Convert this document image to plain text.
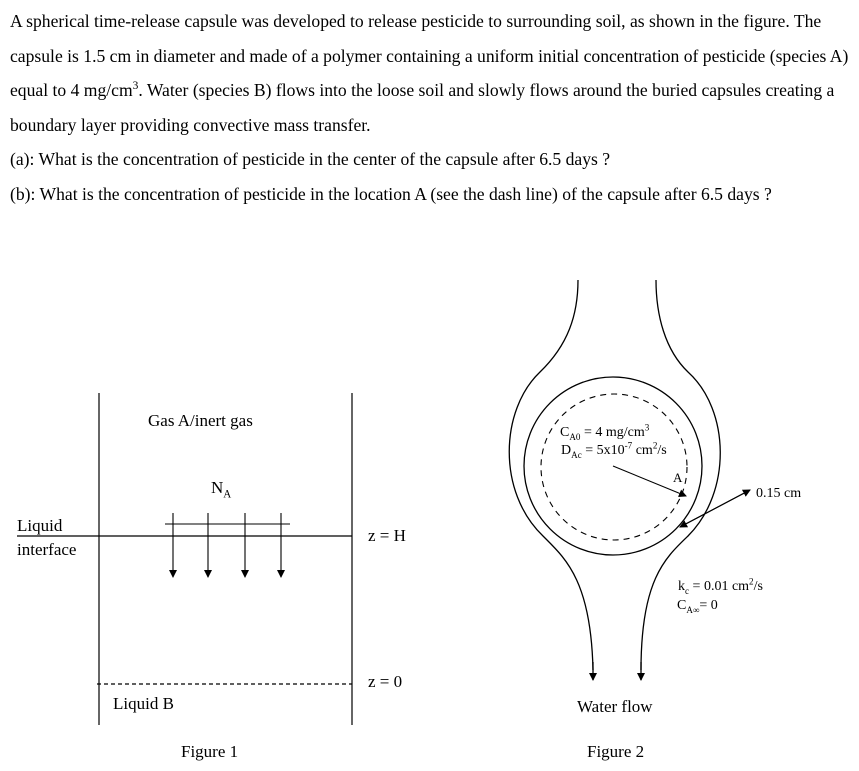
A spherical time-release capsule was developed to release pesticide to surrounding soil, as shown in the figure. The capsule is 1.5 cm in diameter and made of a polymer containing a uniform initial concentration of pesticide (species A) equal to 4 $mg/cm^3$. Water (species B) flows into the loose soil and slowly flows around the buried capsules creating a boundary layer providing convective mass transfer.

(a): What is the concentration of pesticide in the center of the capsule after 6.5 days ?

(b): What is the concentration of pesticide in the location A (see the dash line) of the capsule after 6.5 days ?

Gas A/inert gas
$N_A$
Liquid
interface
z = H
z = 0
Liquid B
Figure 1
$C_{A0} = 4$ $mg/cm^3$
$D_{Ac} = 5x10^{-7}$ $cm^2/s$
A
0.15 cm
$k_c = 0.01$ $cm^2/s$
$C_{A\infty}= 0$
Water flow
Figure 2
